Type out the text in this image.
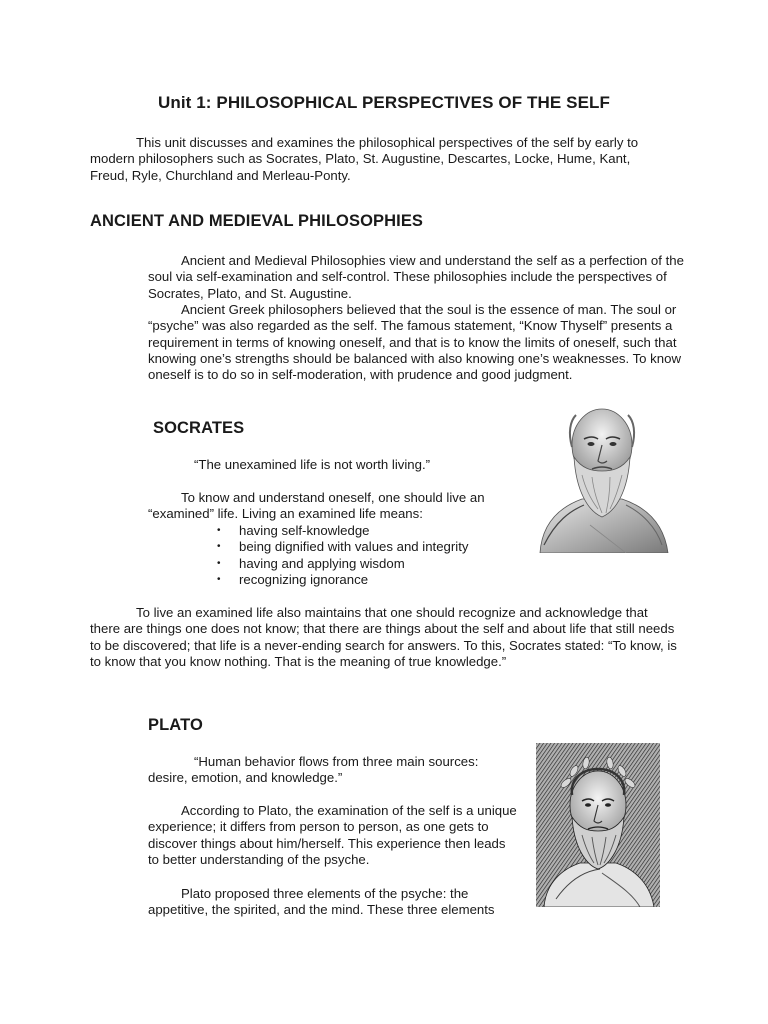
Unit 1: PHILOSOPHICAL PERSPECTIVES OF THE SELF

This unit discusses and examines the philosophical perspectives of the self by early to modern philosophers such as Socrates, Plato, St. Augustine, Descartes, Locke, Hume, Kant, Freud, Ryle, Churchland and Merleau-Ponty.

ANCIENT AND MEDIEVAL PHILOSOPHIES

Ancient and Medieval Philosophies view and understand the self as a perfection of the soul via self-examination and self-control. These philosophies include the perspectives of Socrates, Plato, and St. Augustine.

Ancient Greek philosophers believed that the soul is the essence of man. The soul or “psyche” was also regarded as the self. The famous statement, “Know Thyself” presents a requirement in terms of knowing oneself, and that is to know the limits of oneself, such that knowing one’s strengths should be balanced with also knowing one’s weaknesses. To know oneself is to do so in self-moderation, with prudence and good judgment.

SOCRATES

“The unexamined life is not worth living.”

To know and understand oneself, one should live an “examined” life. Living an examined life means:

• having self-knowledge
• being dignified with values and integrity
• having and applying wisdom
• recognizing ignorance

To live an examined life also maintains that one should recognize and acknowledge that there are things one does not know; that there are things about the self and about life that still needs to be discovered; that life is a never-ending search for answers. To this, Socrates stated: “To know, is to know that you know nothing. That is the meaning of true knowledge.”

PLATO

“Human behavior flows from three main sources: desire, emotion, and knowledge.”

According to Plato, the examination of the self is a unique experience; it differs from person to person, as one gets to discover things about him/herself. This experience then leads to better understanding of the psyche.

Plato proposed three elements of the psyche: the appetitive, the spirited, and the mind. These three elements
